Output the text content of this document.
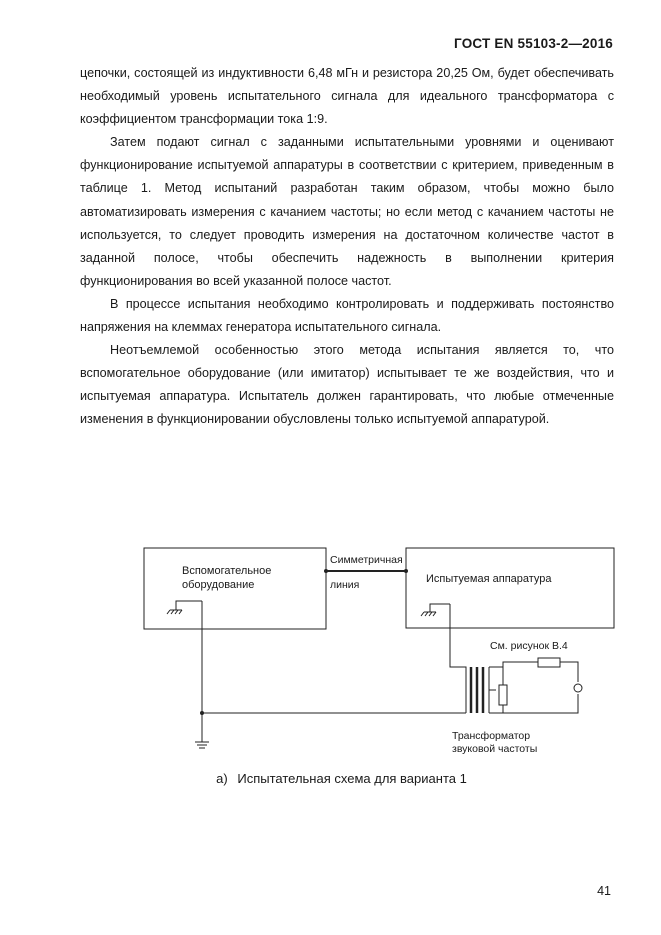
ГОСТ EN 55103-2—2016

цепочки, состоящей из индуктивности 6,48 мГн и резистора 20,25 Ом, будет обеспечивать необходимый уровень испытательного сигнала для идеального трансформатора с коэффициентом трансформации тока 1:9.

Затем подают сигнал с заданными испытательными уровнями и оценивают функционирование испытуемой аппаратуры в соответствии с критерием, приведенным в таблице 1. Метод испытаний разработан таким образом, чтобы можно было автоматизировать измерения с качанием частоты; но если метод с качанием частоты не используется, то следует проводить измерения на достаточном количестве частот в заданной полосе, чтобы обеспечить надежность в выполнении критерия функционирования во всей указанной полосе частот.

В процессе испытания необходимо контролировать и поддерживать постоянство напряжения на клеммах генератора испытательного сигнала.

Неотъемлемой особенностью этого метода испытания является то, что вспомогательное оборудование (или имитатор) испытывает те же воздействия, что и испытуемая аппаратура. Испытатель должен гарантировать, что любые отмеченные изменения в функционировании обусловлены только испытуемой аппаратурой.

Вспомогательное
оборудование
Симметричная
линия	Испытуемая аппаратура
См. рисунок В.4
Трансформатор
звуковой частоты
а) Испытательная схема для варианта 1
41
